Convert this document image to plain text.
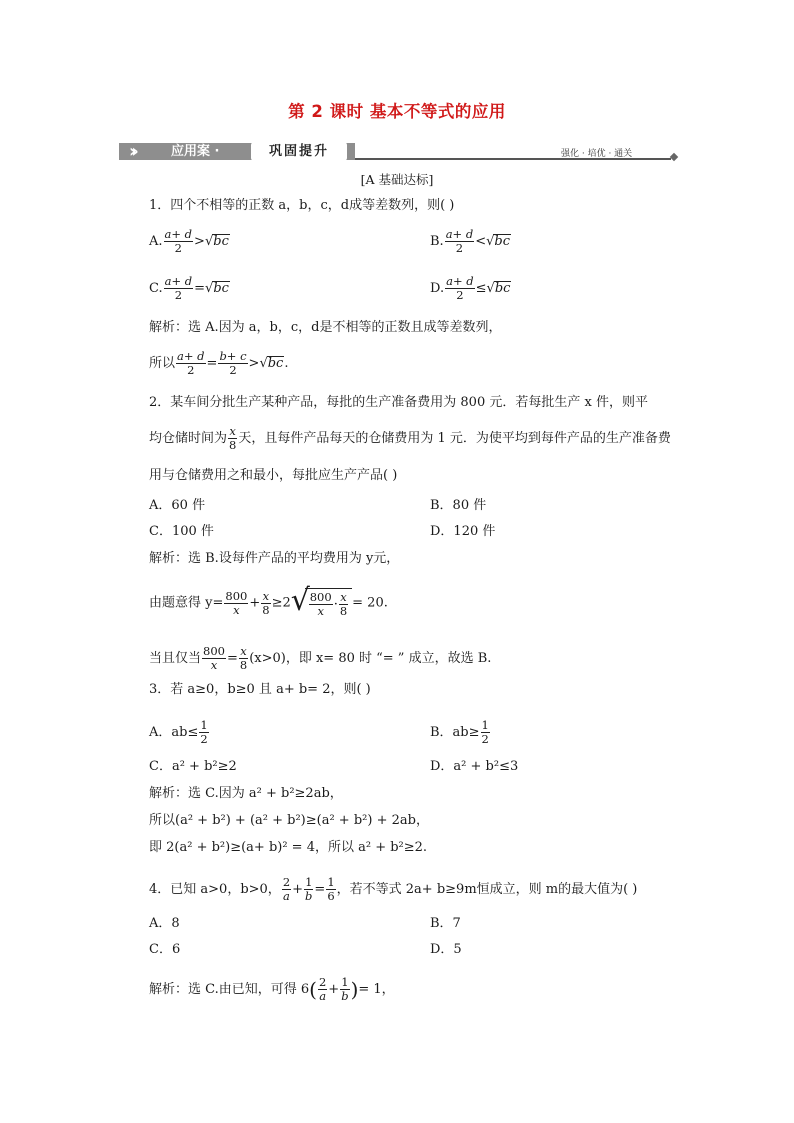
第 2 课时 基本不等式的应用
››	应用案 ·	巩固提升	强化 · 培优 · 通关
[A 基础达标]
1．四个不相等的正数 a，b，c，d成等差数列，则( )
A. $\frac{a+ d}{2} >√bc$	B. $\frac{a+ d}{2} <√bc$
C. $\frac{a+ d}{2} =√bc$	D. $\frac{a+ d}{2} \le√bc$
解析：选 A.因为 a，b，c，d是不相等的正数且成等差数列，
所以 $\frac{a+ d}{2} = \frac{b+ c}{2} >√bc$.
2．某车间分批生产某种产品，每批的生产准备费用为 800 元．若每批生产 x 件，则平
均仓储时间为 $\frac{x}{8}$ 天，且每件产品每天的仓储费用为 1 元．为使平均到每件产品的生产准备费
用与仓储费用之和最小，每批应生产产品( )
A．60 件	B．80 件
C．100 件	D．120 件
解析：选 B.设每件产品的平均费用为 y元，
由题意得 $y= \frac{800}{x} + \frac{x}{8} \ge 2$ √
$\frac{800}{x} \cdot \frac{x}{8} = 20$.
当且仅当 $\frac{800}{x} = \frac{x}{8} (x>0)$，即 x= 80 时 “= ” 成立，故选 B.
3．若 a≥0，b≥0 且 a+ b= 2，则( )
A．$ab\le \frac{1}{2}$	B．$ab\ge \frac{1}{2}$
C．a² + b²≥2	D．a² + b²≤3
解析：选 C.因为 a² + b²≥2ab，
所以(a² + b²) + (a² + b²)≥(a² + b²) + 2ab，
即 2(a² + b²)≥(a+ b)² = 4，所以 a² + b²≥2.
4．已知 a>0，b>0， $\frac{2}{a} + \frac{1}{b} = \frac{1}{6}$ ，若不等式 2a+ b≥9m恒成立，则 m的最大值为( )
A．8	B．7
C．6	D．5
解析：选 C.由已知，可得 $6( \frac{2}{a} + \frac{1}{b}$ )= 1，
